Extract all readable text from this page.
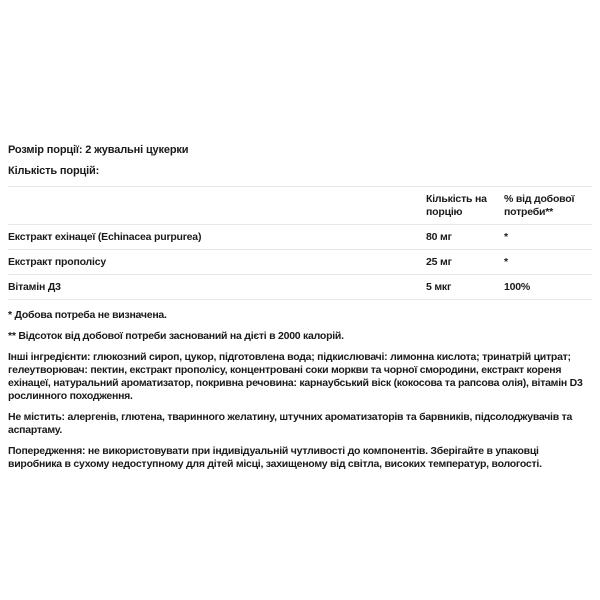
Розмір порції: 2 жувальні цукерки

Кількість порцій:

	Кількість на порцію	% від добової потреби**
Екстракт ехінацеї (Echinacea purpurea)	80 мг	*
Екстракт прополісу	25 мг	*
Вітамін Д3	5 мкг	100%

* Добова потреба не визначена.

** Відсоток від добової потреби заснований на дієті в 2000 калорій.

Інші інгредієнти: глюкозний сироп, цукор, підготовлена вода; підкислювачі: лимонна кислота; тринатрій цитрат; гелеутворювач: пектин, екстракт прополісу, концентровані соки моркви та чорної смородини, екстракт кореня ехінацеї, натуральний ароматизатор, покривна речовина: карнаубський віск (кокосова та рапсова олія), вітамін D3 рослинного походження.

Не містить: алергенів, глютена, тваринного желатину, штучних ароматизаторів та барвників, підсолоджувачів та аспартаму.

Попередження: не використовувати при індивідуальній чутливості до компонентів. Зберігайте в упаковці виробника в сухому недоступному для дітей місці, захищеному від світла, високих температур, вологості.
